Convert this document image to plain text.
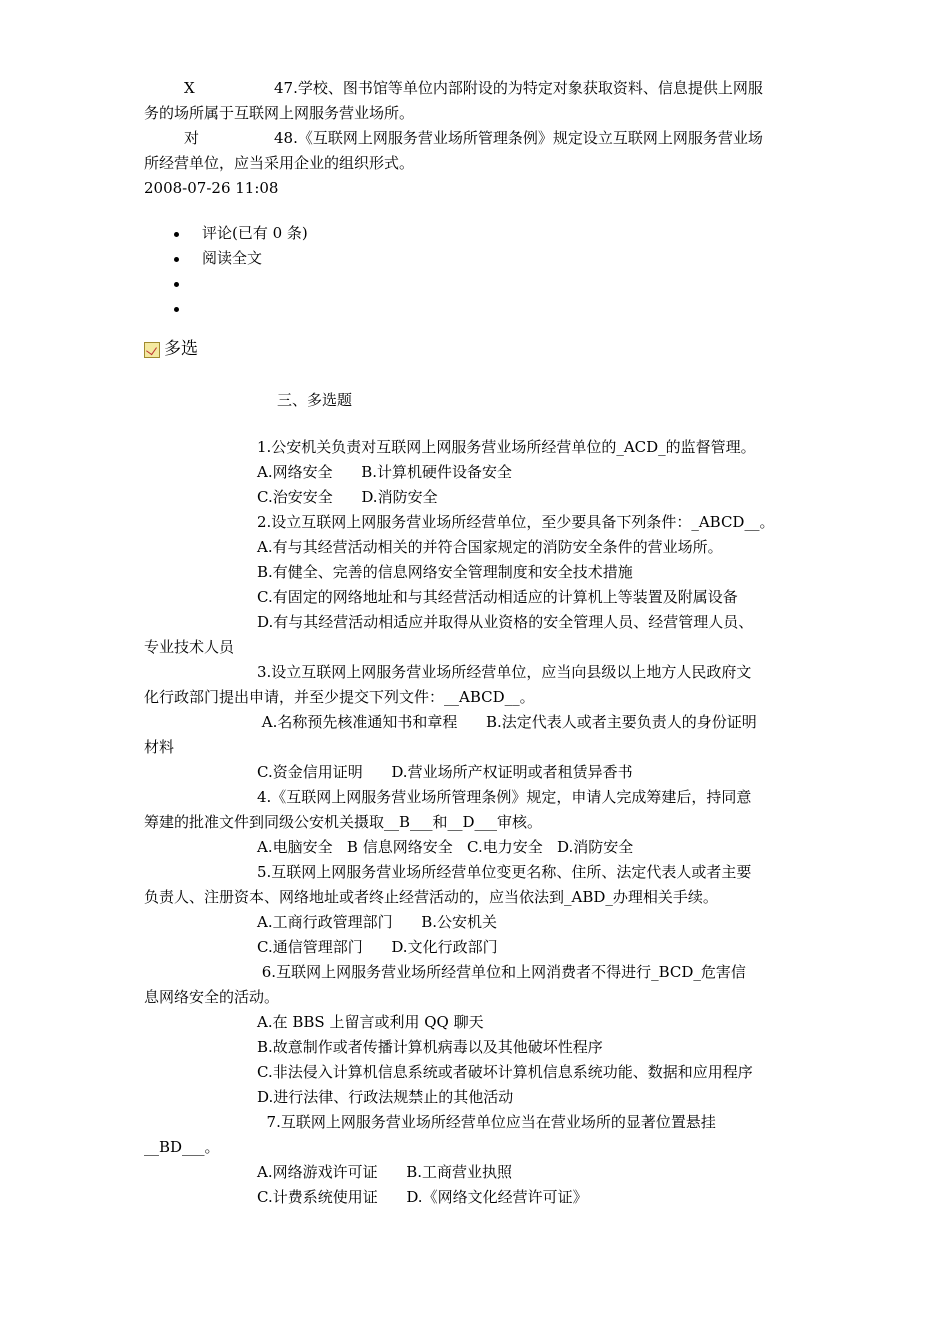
X	47.学校、图书馆等单位内部附设的为特定对象获取资料、信息提供上网服

务的场所属于互联网上网服务营业场所。

对	48.《互联网上网服务营业场所管理条例》规定设立互联网上网服务营业场

所经营单位，应当采用企业的组织形式。

2008-07-26 11:08

评论(已有 0 条)
阅读全文
多选

三、多选题

1.公安机关负责对互联网上网服务营业场所经营单位的_ACD_的监督管理。

A.网络安全      B.计算机硬件设备安全

C.治安安全      D.消防安全

2.设立互联网上网服务营业场所经营单位，至少要具备下列条件：_ABCD__。

A.有与其经营活动相关的并符合国家规定的消防安全条件的营业场所。

B.有健全、完善的信息网络安全管理制度和安全技术措施

C.有固定的网络地址和与其经营活动相适应的计算机上等装置及附属设备

D.有与其经营活动相适应并取得从业资格的安全管理人员、经营管理人员、

专业技术人员

3.设立互联网上网服务营业场所经营单位，应当向县级以上地方人民政府文

化行政部门提出申请，并至少提交下列文件：__ABCD__。

A.名称预先核准通知书和章程      B.法定代表人或者主要负责人的身份证明

材料

C.资金信用证明      D.营业场所产权证明或者租赁异香书

4.《互联网上网服务营业场所管理条例》规定，申请人完成筹建后，持同意

筹建的批准文件到同级公安机关摄取__B___和__D___审核。

A.电脑安全   B 信息网络安全   C.电力安全   D.消防安全

5.互联网上网服务营业场所经营单位变更名称、住所、法定代表人或者主要

负责人、注册资本、网络地址或者终止经营活动的，应当依法到_ABD_办理相关手续。

A.工商行政管理部门      B.公安机关

C.通信管理部门      D.文化行政部门

6.互联网上网服务营业场所经营单位和上网消费者不得进行_BCD_危害信

息网络安全的活动。

A.在 BBS 上留言或利用 QQ 聊天

B.故意制作或者传播计算机病毒以及其他破坏性程序

C.非法侵入计算机信息系统或者破坏计算机信息系统功能、数据和应用程序

D.进行法律、行政法规禁止的其他活动

7.互联网上网服务营业场所经营单位应当在营业场所的显著位置悬挂

__BD___。

A.网络游戏许可证      B.工商营业执照

C.计费系统使用证      D.《网络文化经营许可证》
